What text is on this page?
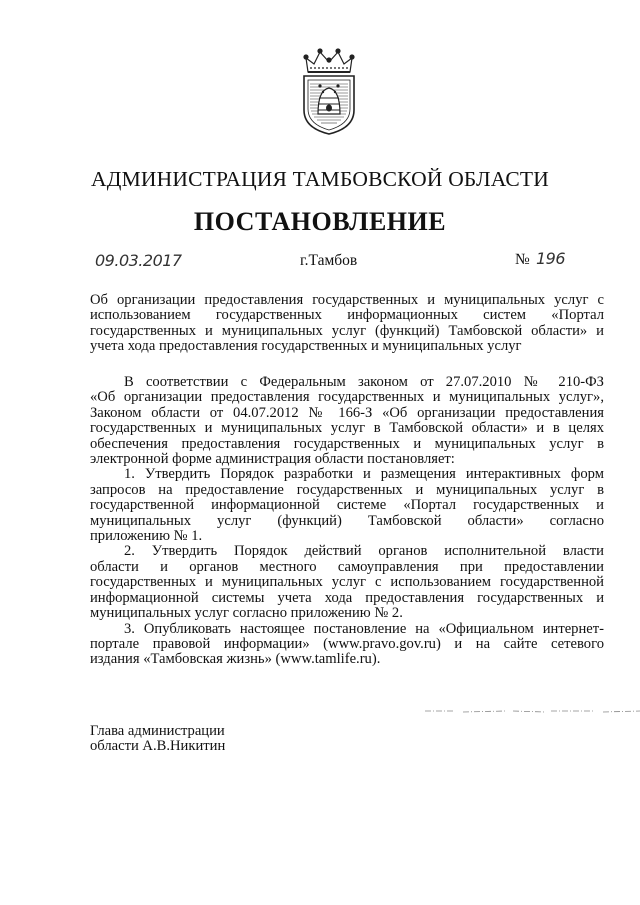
АДМИНИСТРАЦИЯ ТАМБОВСКОЙ ОБЛАСТИ
ПОСТАНОВЛЕНИЕ
09.03.2017	г.Тамбов	№ 196
Об организации предоставления государственных и муниципальных услуг с
использованием государственных информационных систем «Портал
государственных и муниципальных услуг (функций) Тамбовской области» и
учета хода предоставления государственных и муниципальных услуг
В соответствии с Федеральным законом от 27.07.2010 № 210-ФЗ
«Об организации предоставления государственных и муниципальных услуг»,
Законом области от 04.07.2012 № 166-З «Об организации предоставления
государственных и муниципальных услуг в Тамбовской области» и в целях
обеспечения предоставления государственных и муниципальных услуг в
электронной форме администрация области постановляет:
1. Утвердить Порядок разработки и размещения интерактивных форм
запросов на предоставление государственных и муниципальных услуг в
государственной информационной системе «Портал государственных и
муниципальных услуг (функций) Тамбовской области» согласно
приложению № 1.
2. Утвердить Порядок действий органов исполнительной власти
области и органов местного самоуправления при предоставлении
государственных и муниципальных услуг с использованием государственной
информационной системы учета хода предоставления государственных и
муниципальных услуг согласно приложению № 2.
3. Опубликовать настоящее постановление на «Официальном интернет-
портале правовой информации» (www.pravo.gov.ru) и на сайте сетевого
издания «Тамбовская жизнь» (www.tamlife.ru).
Глава администрации
области А.В.Никитин
